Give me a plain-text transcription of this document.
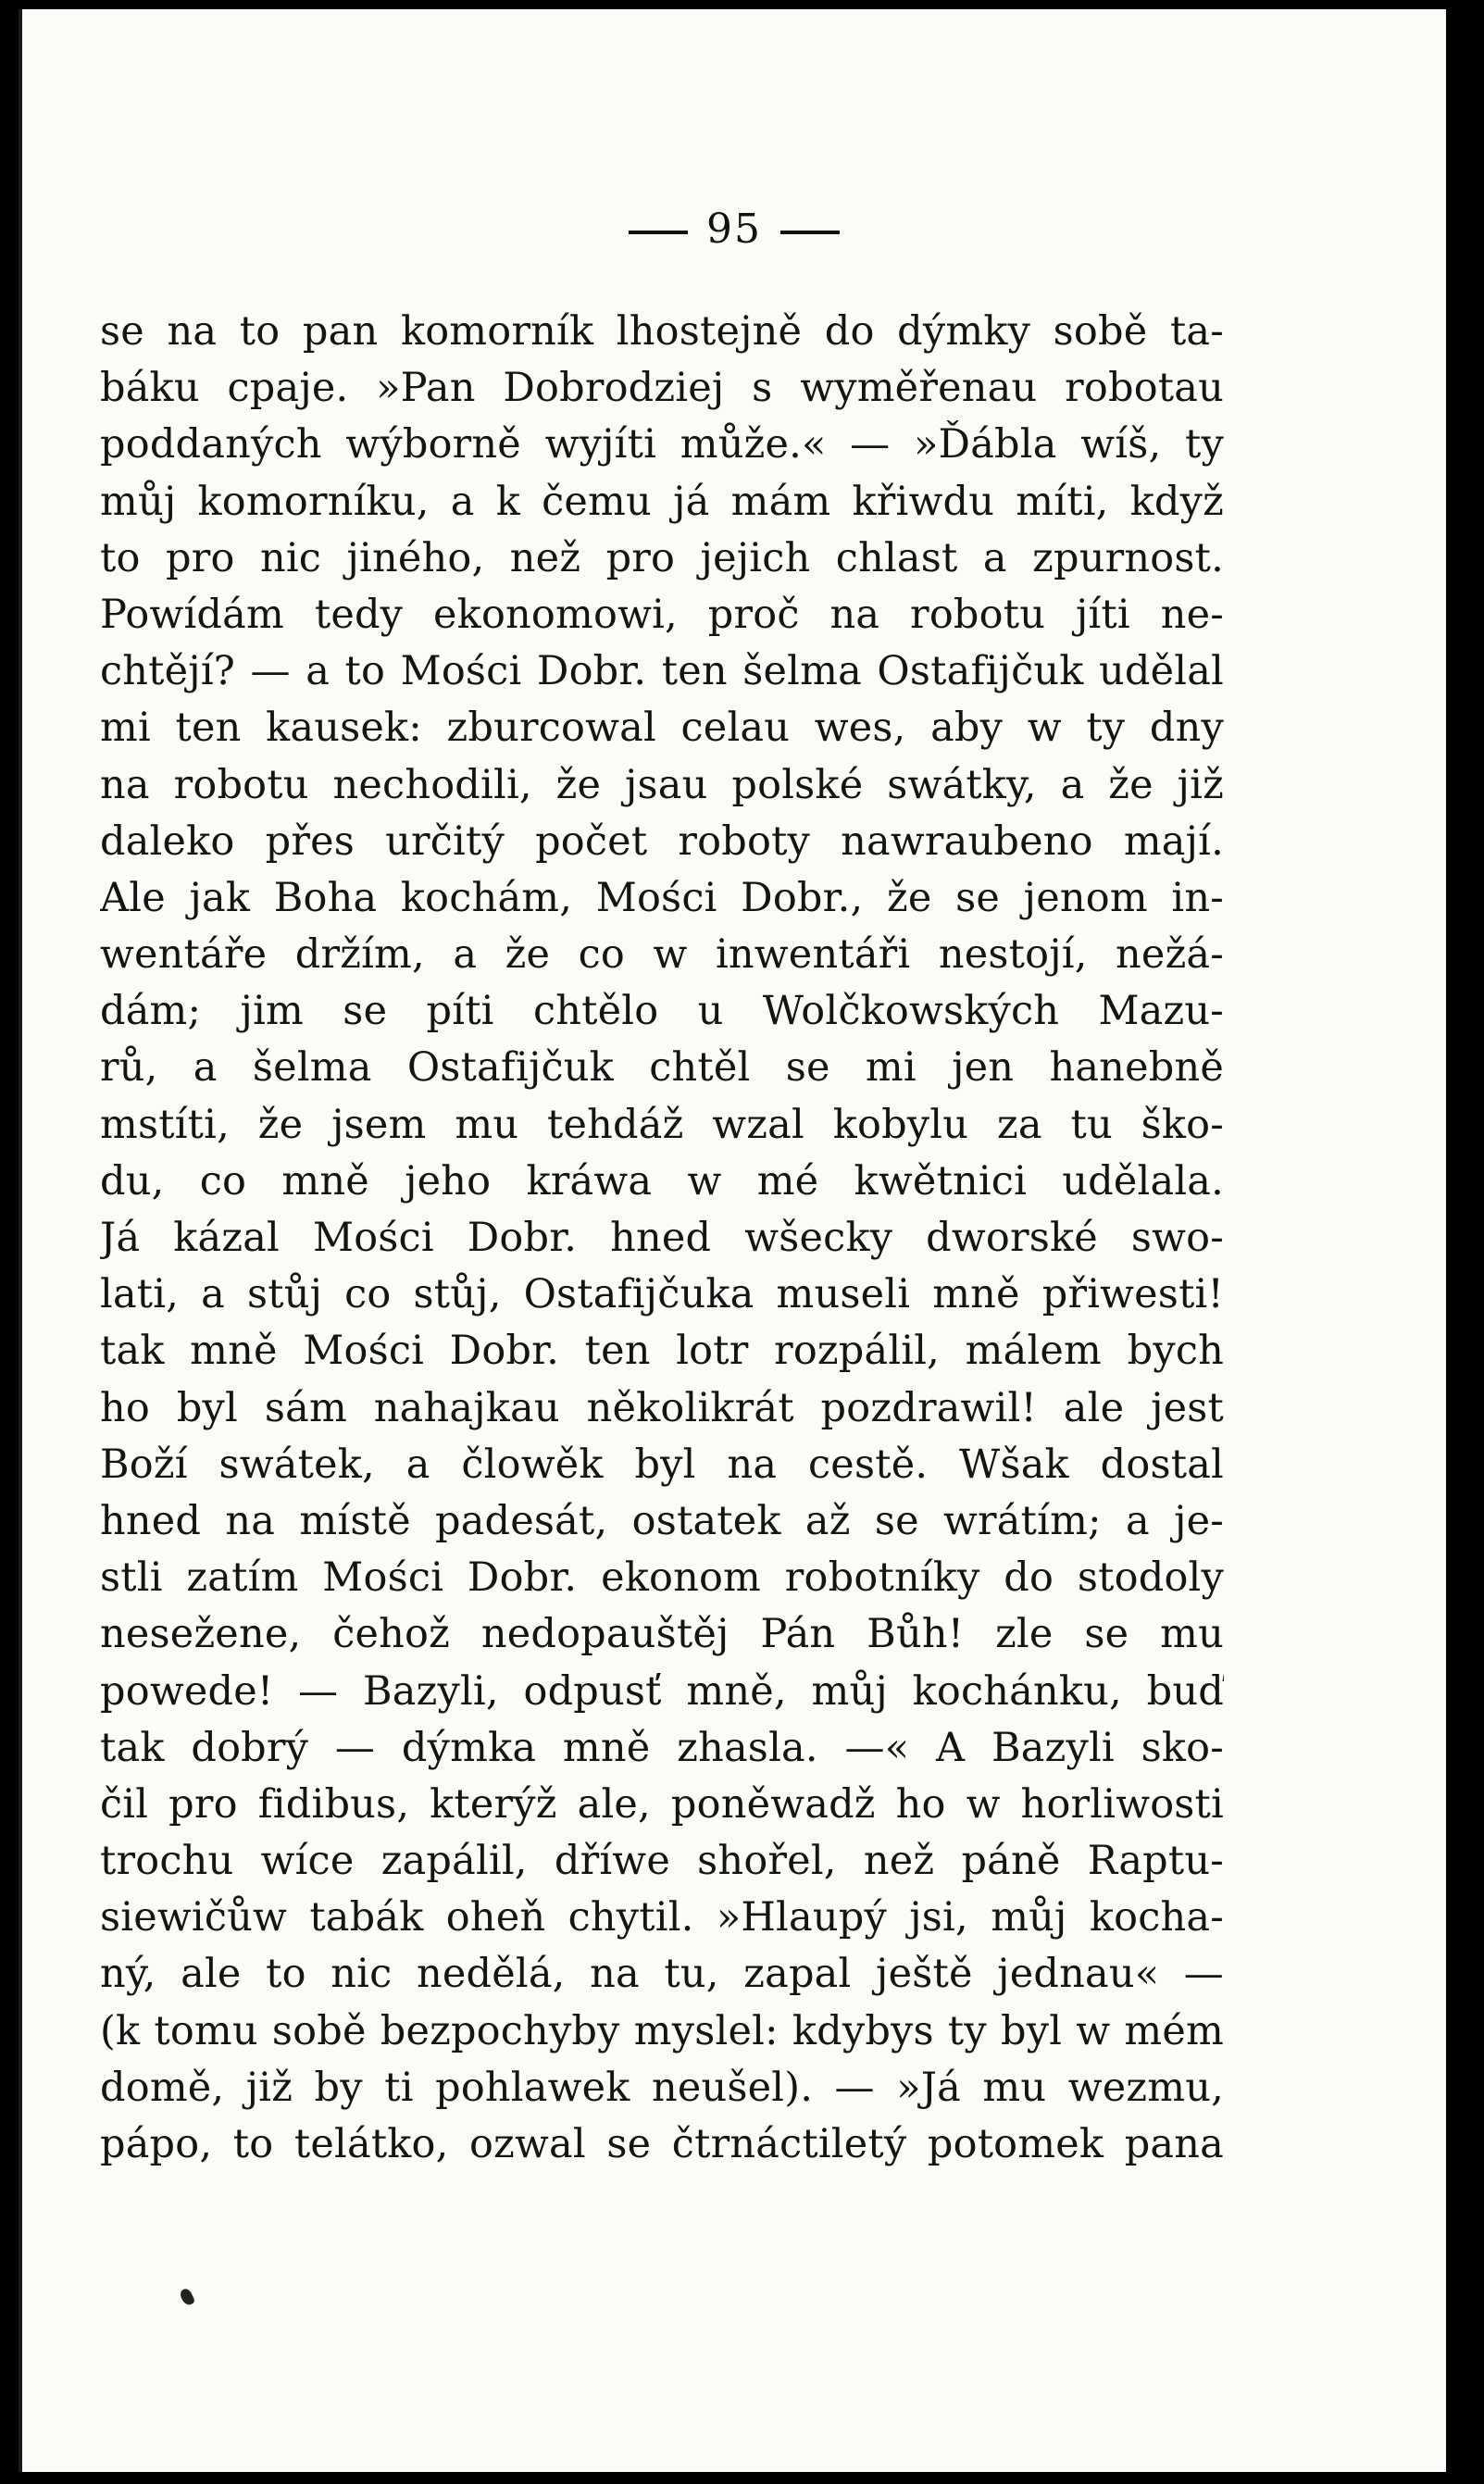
95
se na to pan komorník lhostejně do dýmky sobě ta-
báku cpaje. »Pan Dobrodziej s wyměřenau robotau
poddaných wýborně wyjíti může.« — »Ďábla wíš, ty
můj komorníku, a k čemu já mám křiwdu míti, když
to pro nic jiného, než pro jejich chlast a zpurnost.
Powídám tedy ekonomowi, proč na robotu jíti ne-
chtějí? — a to Mości Dobr. ten šelma Ostafijčuk udělal
mi ten kausek: zburcowal celau wes, aby w ty dny
na robotu nechodili, že jsau polské swátky, a že již
daleko přes určitý počet roboty nawraubeno mají.
Ale jak Boha kochám, Mości Dobr., že se jenom in-
wentáře držím, a že co w inwentáři nestojí, nežá-
dám; jim se píti chtělo u Wolčkowských Mazu-
rů, a šelma Ostafijčuk chtěl se mi jen hanebně
mstíti, že jsem mu tehdáž wzal kobylu za tu ško-
du, co mně jeho kráwa w mé kwětnici udělala.
Já kázal Mości Dobr. hned wšecky dworské swo-
lati, a stůj co stůj, Ostafijčuka museli mně přiwesti!
tak mně Mości Dobr. ten lotr rozpálil, málem bych
ho byl sám nahajkau několikrát pozdrawil! ale jest
Boží swátek, a člowěk byl na cestě. Wšak dostal
hned na místě padesát, ostatek až se wrátím; a je-
stli zatím Mości Dobr. ekonom robotníky do stodoly
nesežene, čehož nedopauštěj Pán Bůh! zle se mu
powede! — Bazyli, odpusť mně, můj kochánku, buď
tak dobrý — dýmka mně zhasla. —« A Bazyli sko-
čil pro fidibus, kterýž ale, poněwadž ho w horliwosti
trochu wíce zapálil, dříwe shořel, než páně Raptu-
siewičůw tabák oheň chytil. »Hlaupý jsi, můj kocha-
ný, ale to nic nedělá, na tu, zapal ještě jednau« —
(k tomu sobě bezpochyby myslel: kdybys ty byl w mém
domě, již by ti pohlawek neušel). — »Já mu wezmu,
pápo, to telátko, ozwal se čtrnáctiletý potomek pana
